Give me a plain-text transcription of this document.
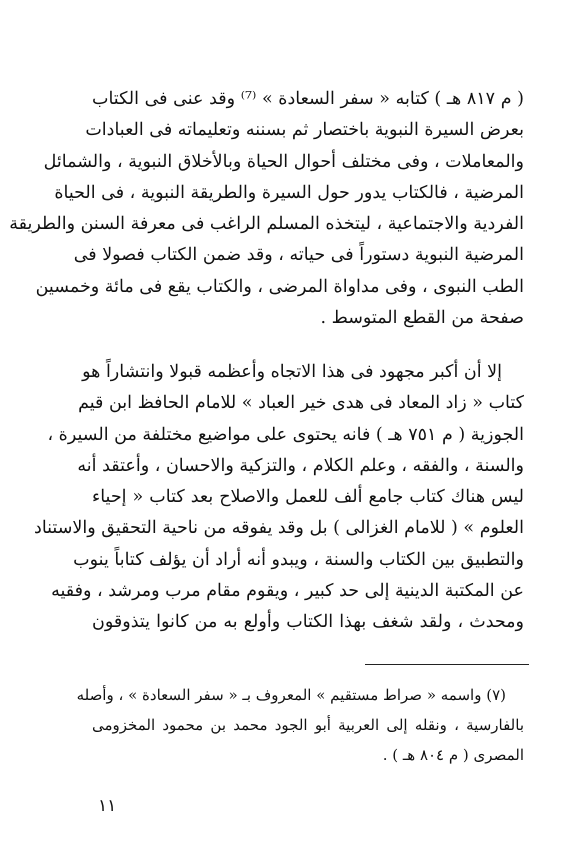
( م ٨١٧ هـ ) كتابه « سفر السعادة » ⁽⁷⁾ وقد عنى فى الكتاب
بعرض السيرة النبوية باختصار ثم بسننه وتعليماته فى العبادات
والمعاملات ، وفى مختلف أحوال الحياة وبالأخلاق النبوية ، والشمائل
المرضية ، فالكتاب يدور حول السيرة والطريقة النبوية ، فى الحياة
الفردية والاجتماعية ، ليتخذه المسلم الراغب فى معرفة السنن والطريقة
المرضية النبوية دستوراً فى حياته ، وقد ضمن الكتاب فصولا فى
الطب النبوى ، وفى مداواة المرضى ، والكتاب يقع فى مائة وخمسين
صفحة من القطع المتوسط .
إلا أن أكبر مجهود فى هذا الاتجاه وأعظمه قبولا وانتشاراً هو
كتاب « زاد المعاد فى هدى خير العباد » للامام الحافظ ابن قيم
الجوزية ( م ٧٥١ هـ ) فانه يحتوى على مواضيع مختلفة من السيرة ،
والسنة ، والفقه ، وعلم الكلام ، والتزكية والاحسان ، وأعتقد أنه
ليس هناك كتاب جامع ألف للعمل والاصلاح بعد كتاب « إحياء
العلوم » ( للامام الغزالى ) بل وقد يفوقه من ناحية التحقيق والاستناد
والتطبيق بين الكتاب والسنة ، ويبدو أنه أراد أن يؤلف كتاباً ينوب
عن المكتبة الدينية إلى حد كبير ، ويقوم مقام مرب ومرشد ، وفقيه
ومحدث ، ولقد شغف بهذا الكتاب وأولع به من كانوا يتذوقون
(٧) واسمه « صراط مستقيم » المعروف بـ « سفر السعادة » ، وأصله
بالفارسية ، ونقله إلى العربية أبو الجود محمد بن محمود المخزومى
المصرى ( م ٨٠٤ هـ ) .
١١
